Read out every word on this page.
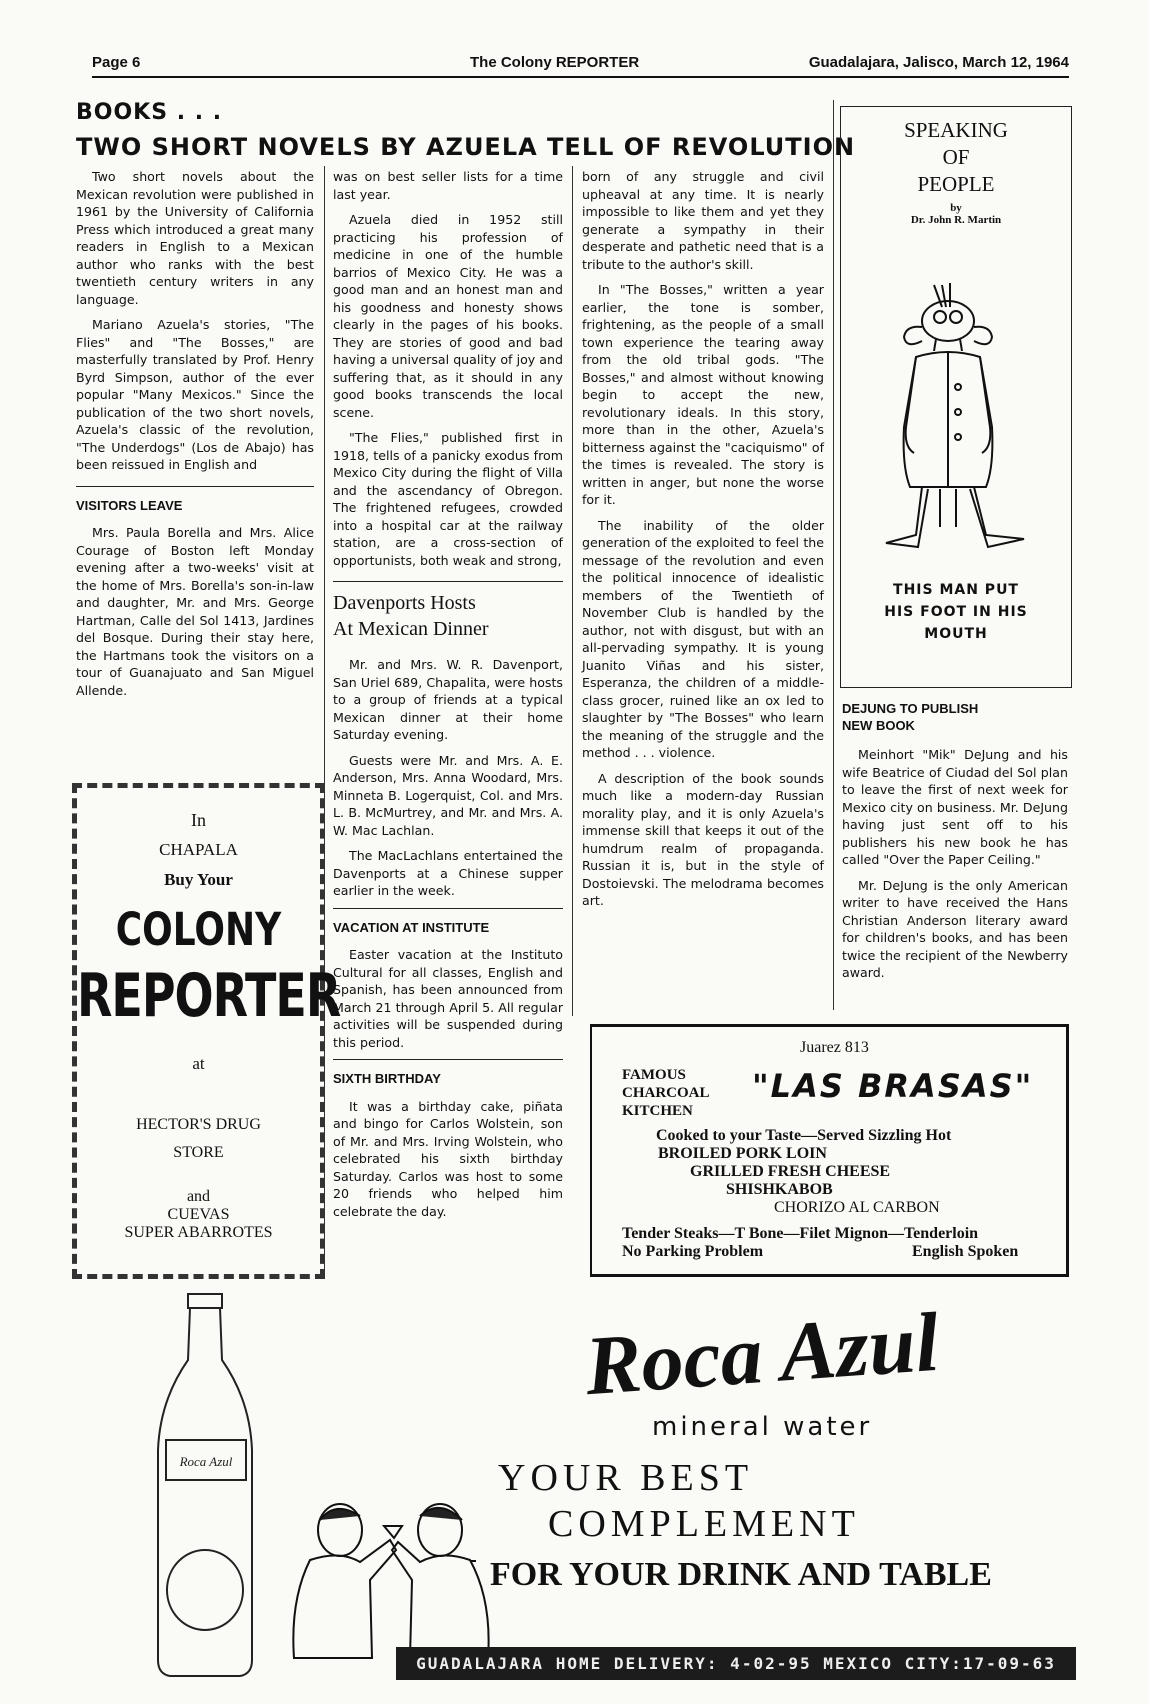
Page 6	The Colony REPORTER	Guadalajara, Jalisco, March 12, 1964
BOOKS . . .
TWO SHORT NOVELS BY AZUELA TELL OF REVOLUTION

Two short novels about the Mexican revolution were published in 1961 by the University of California Press which introduced a great many readers in English to a Mexican author who ranks with the best twentieth century writers in any language.

Mariano Azuela's stories, "The Flies" and "The Bosses," are masterfully translated by Prof. Henry Byrd Simpson, author of the ever popular "Many Mexicos." Since the publication of the two short novels, Azuela's classic of the revolution, "The Underdogs" (Los de Abajo) has been reissued in English and

VISITORS LEAVE

Mrs. Paula Borella and Mrs. Alice Courage of Boston left Monday evening after a two-weeks' visit at the home of Mrs. Borella's son-in-law and daughter, Mr. and Mrs. George Hartman, Calle del Sol 1413, Jardines del Bosque. During their stay here, the Hartmans took the visitors on a tour of Guanajuato and San Miguel Allende.

In
CHAPALA
Buy Your
COLONY
REPORTER
at
HECTOR'S DRUG
STORE
and
CUEVAS
SUPER ABARROTES

was on best seller lists for a time last year.

Azuela died in 1952 still practicing his profession of medicine in one of the humble barrios of Mexico City. He was a good man and an honest man and his goodness and honesty shows clearly in the pages of his books. They are stories of good and bad having a universal quality of joy and suffering that, as it should in any good books transcends the local scene.

"The Flies," published first in 1918, tells of a panicky exodus from Mexico City during the flight of Villa and the ascendancy of Obregon. The frightened refugees, crowded into a hospital car at the railway station, are a cross-section of opportunists, both weak and strong,

Davenports Hosts
At Mexican Dinner

Mr. and Mrs. W. R. Davenport, San Uriel 689, Chapalita, were hosts to a group of friends at a typical Mexican dinner at their home Saturday evening.

Guests were Mr. and Mrs. A. E. Anderson, Mrs. Anna Woodard, Mrs. Minneta B. Logerquist, Col. and Mrs. L. B. McMurtrey, and Mr. and Mrs. A. W. Mac Lachlan.

The MacLachlans entertained the Davenports at a Chinese supper earlier in the week.

VACATION AT INSTITUTE

Easter vacation at the Instituto Cultural for all classes, English and Spanish, has been announced from March 21 through April 5. All regular activities will be suspended during this period.

SIXTH BIRTHDAY

It was a birthday cake, piñata and bingo for Carlos Wolstein, son of Mr. and Mrs. Irving Wolstein, who celebrated his sixth birthday Saturday. Carlos was host to some 20 friends who helped him celebrate the day.

born of any struggle and civil upheaval at any time. It is nearly impossible to like them and yet they generate a sympathy in their desperate and pathetic need that is a tribute to the author's skill.

In "The Bosses," written a year earlier, the tone is somber, frightening, as the people of a small town experience the tearing away from the old tribal gods. "The Bosses," and almost without knowing begin to accept the new, revolutionary ideals. In this story, more than in the other, Azuela's bitterness against the "caciquismo" of the times is revealed. The story is written in anger, but none the worse for it.

The inability of the older generation of the exploited to feel the message of the revolution and even the political innocence of idealistic members of the Twentieth of November Club is handled by the author, not with disgust, but with an all-pervading sympathy. It is young Juanito Viñas and his sister, Esperanza, the children of a middle-class grocer, ruined like an ox led to slaughter by "The Bosses" who learn the meaning of the struggle and the method . . . violence.

A description of the book sounds much like a modern-day Russian morality play, and it is only Azuela's immense skill that keeps it out of the humdrum realm of propaganda. Russian it is, but in the style of Dostoievski. The melodrama becomes art.

SPEAKING
OF
PEOPLE
by
Dr. John R. Martin
THIS MAN PUT
HIS FOOT IN HIS
MOUTH
DEJUNG TO PUBLISH
NEW BOOK

Meinhort "Mik" DeJung and his wife Beatrice of Ciudad del Sol plan to leave the first of next week for Mexico city on business. Mr. DeJung having just sent off to his publishers his new book he has called "Over the Paper Ceiling."

Mr. DeJung is the only American writer to have received the Hans Christian Anderson literary award for children's books, and has been twice the recipient of the Newberry award.

Juarez 813
FAMOUS
CHARCOAL
KITCHEN
"LAS BRASAS"
Cooked to your Taste—Served Sizzling Hot
BROILED PORK LOIN
GRILLED FRESH CHEESE
SHISHKABOB
CHORIZO AL CARBON
Tender Steaks—T Bone—Filet Mignon—Tenderloin
No Parking Problem	English Spoken
Roca Azul
Roca Azul
mineral water
YOUR BEST
COMPLEMENT
FOR YOUR DRINK AND TABLE
GUADALAJARA HOME DELIVERY: 4-02-95 MEXICO CITY:17-09-63
